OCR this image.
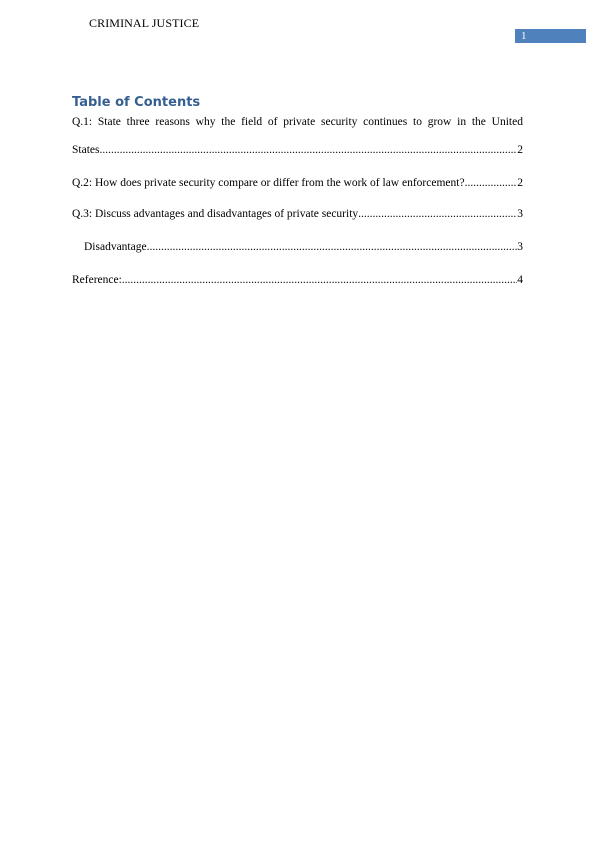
CRIMINAL JUSTICE
1
Table of Contents
Q.1: State three reasons why the field of private security continues to grow in the United
States .....	2
Q.2: How does private security compare or differ from the work of law enforcement? .....	2
Q.3: Discuss advantages and disadvantages of private security .....	3
Disadvantage .....	3
Reference: .....	4
